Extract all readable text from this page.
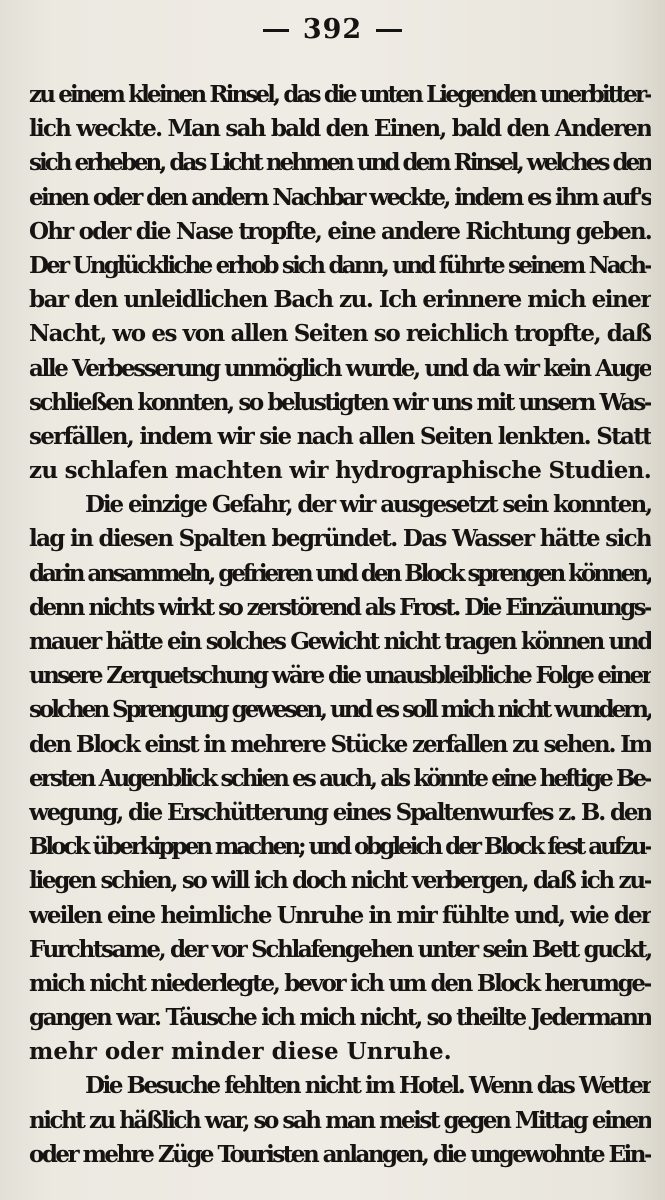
392
zu einem kleinen Rinsel, das die unten Liegenden unerbitter-
lich weckte. Man sah bald den Einen, bald den Anderen
sich erheben, das Licht nehmen und dem Rinsel, welches den
einen oder den andern Nachbar weckte, indem es ihm auf's
Ohr oder die Nase tropfte, eine andere Richtung geben.
Der Unglückliche erhob sich dann, und führte seinem Nach-
bar den unleidlichen Bach zu. Ich erinnere mich einer
Nacht, wo es von allen Seiten so reichlich tropfte, daß
alle Verbesserung unmöglich wurde, und da wir kein Auge
schließen konnten, so belustigten wir uns mit unsern Was-
serfällen, indem wir sie nach allen Seiten lenkten. Statt
zu schlafen machten wir hydrographische Studien.
Die einzige Gefahr, der wir ausgesetzt sein konnten,
lag in diesen Spalten begründet. Das Wasser hätte sich
darin ansammeln, gefrieren und den Block sprengen können,
denn nichts wirkt so zerstörend als Frost. Die Einzäunungs-
mauer hätte ein solches Gewicht nicht tragen können und
unsere Zerquetschung wäre die unausbleibliche Folge einer
solchen Sprengung gewesen, und es soll mich nicht wundern,
den Block einst in mehrere Stücke zerfallen zu sehen. Im
ersten Augenblick schien es auch, als könnte eine heftige Be-
wegung, die Erschütterung eines Spaltenwurfes z. B. den
Block überkippen machen; und obgleich der Block fest aufzu-
liegen schien, so will ich doch nicht verbergen, daß ich zu-
weilen eine heimliche Unruhe in mir fühlte und, wie der
Furchtsame, der vor Schlafengehen unter sein Bett guckt,
mich nicht niederlegte, bevor ich um den Block herumge-
gangen war. Täusche ich mich nicht, so theilte Jedermann
mehr oder minder diese Unruhe.
Die Besuche fehlten nicht im Hotel. Wenn das Wetter
nicht zu häßlich war, so sah man meist gegen Mittag einen
oder mehre Züge Touristen anlangen, die ungewohnte Ein-
